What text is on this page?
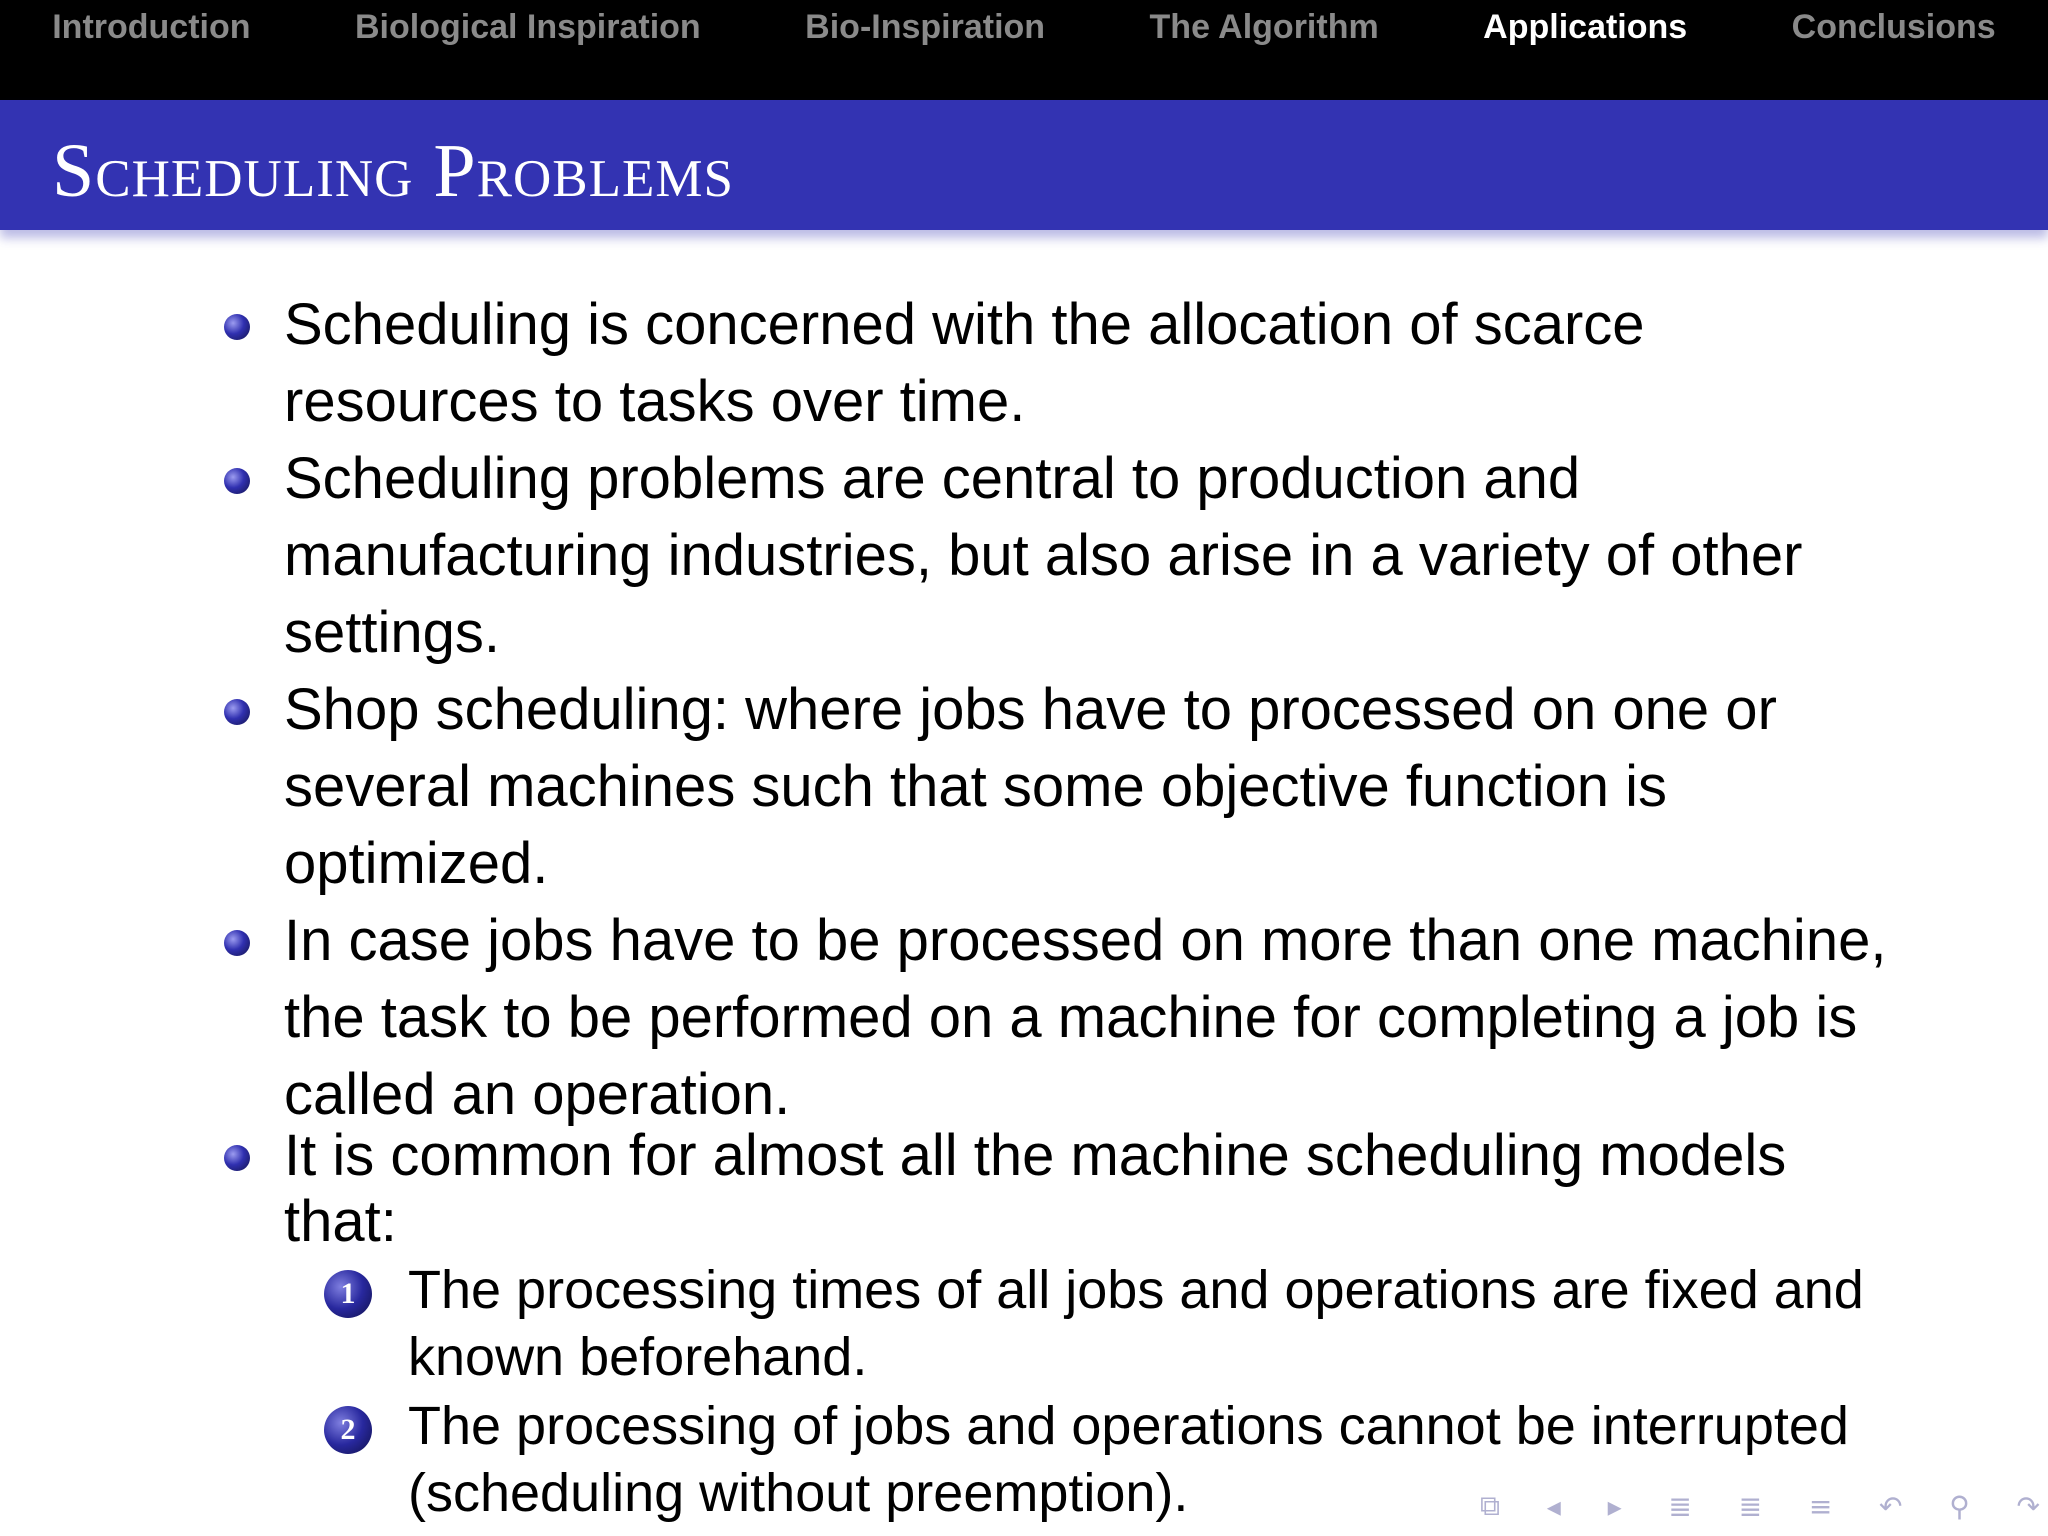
Introduction	Biological Inspiration	Bio-Inspiration	The Algorithm	Applications	Conclusions
Scheduling Problems
Scheduling is concerned with the allocation of scarce resources to tasks over time.
Scheduling problems are central to production and manufacturing industries, but also arise in a variety of other settings.
Shop scheduling: where jobs have to processed on one or several machines such that some objective function is optimized.
In case jobs have to be processed on more than one machine, the task to be performed on a machine for completing a job is called an operation.
It is common for almost all the machine scheduling models that:
1 The processing times of all jobs and operations are fixed and known beforehand.
2 The processing of jobs and operations cannot be interrupted (scheduling without preemption).	⧉ ◂ ▸ ≣ ≣ ≡ ↶ ⚲ ↷
